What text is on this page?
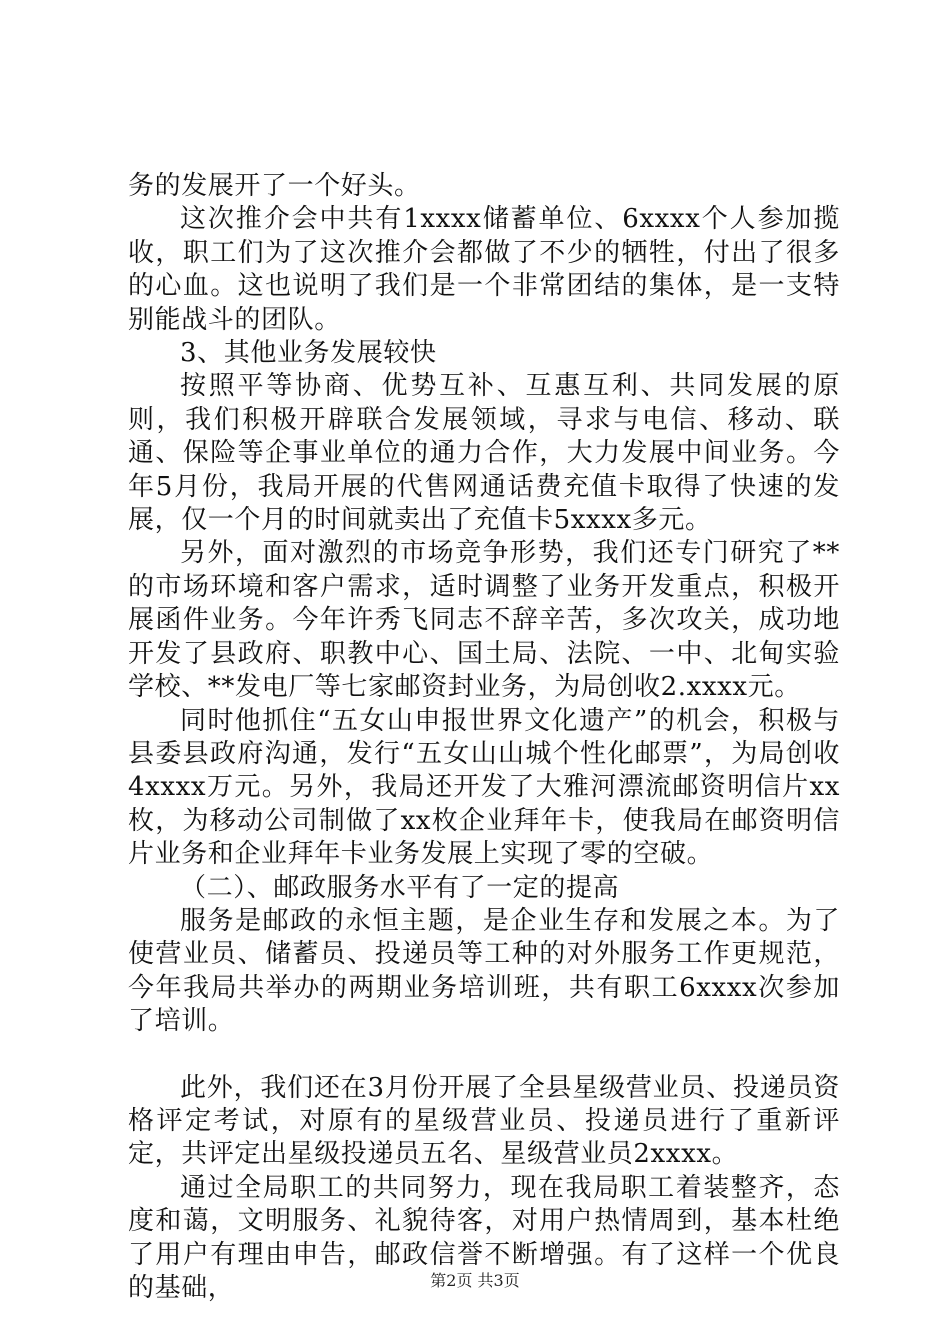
务的发展开了一个好头。

这次推介会中共有1xxxx储蓄单位、6xxxx个人参加揽收，职工们为了这次推介会都做了不少的牺牲，付出了很多的心血。这也说明了我们是一个非常团结的集体，是一支特别能战斗的团队。

3、其他业务发展较快

按照平等协商、优势互补、互惠互利、共同发展的原则，我们积极开辟联合发展领域，寻求与电信、移动、联通、保险等企事业单位的通力合作，大力发展中间业务。今年5月份，我局开展的代售网通话费充值卡取得了快速的发展，仅一个月的时间就卖出了充值卡5xxxx多元。

另外，面对激烈的市场竞争形势，我们还专门研究了**的市场环境和客户需求，适时调整了业务开发重点，积极开展函件业务。今年许秀飞同志不辞辛苦，多次攻关，成功地开发了县政府、职教中心、国土局、法院、一中、北甸实验学校、**发电厂等七家邮资封业务，为局创收2.xxxx元。

同时他抓住“五女山申报世界文化遗产”的机会，积极与县委县政府沟通，发行“五女山山城个性化邮票”，为局创收4xxxx万元。另外，我局还开发了大雅河漂流邮资明信片xx枚，为移动公司制做了xx枚企业拜年卡，使我局在邮资明信片业务和企业拜年卡业务发展上实现了零的空破。

（二）、邮政服务水平有了一定的提高

服务是邮政的永恒主题，是企业生存和发展之本。为了使营业员、储蓄员、投递员等工种的对外服务工作更规范，今年我局共举办的两期业务培训班，共有职工6xxxx次参加了培训。

此外，我们还在3月份开展了全县星级营业员、投递员资格评定考试，对原有的星级营业员、投递员进行了重新评定，共评定出星级投递员五名、星级营业员2xxxx。

通过全局职工的共同努力，现在我局职工着装整齐，态度和蔼，文明服务、礼貌待客，对用户热情周到，基本杜绝了用户有理由申告，邮政信誉不断增强。有了这样一个优良的基础，	第2页 共3页
